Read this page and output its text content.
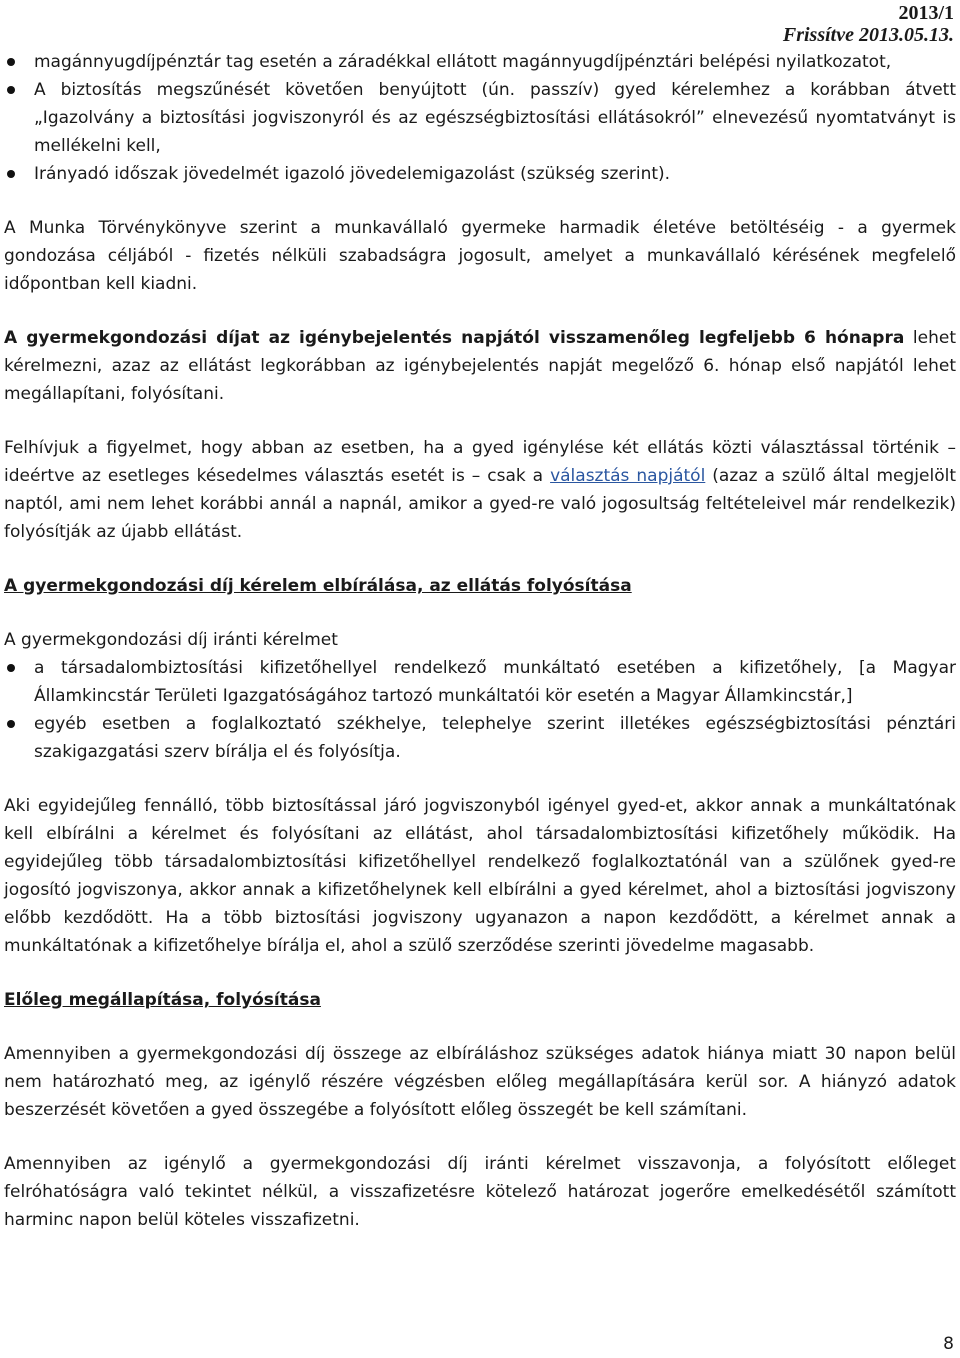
2013/1
Frissítve 2013.05.13.
magánnyugdíjpénztár tag esetén a záradékkal ellátott magánnyugdíjpénztári belépési nyilatkozatot,
A biztosítás megszűnését követően benyújtott (ún. passzív) gyed kérelemhez a korábban átvett „Igazolvány a biztosítási jogviszonyról és az egészségbiztosítási ellátásokról” elnevezésű nyomtatványt is mellékelni kell,
Irányadó időszak jövedelmét igazoló jövedelemigazolást (szükség szerint).

A Munka Törvénykönyve szerint a munkavállaló gyermeke harmadik életéve betöltéséig - a gyermek gondozása céljából - fizetés nélküli szabadságra jogosult, amelyet a munkavállaló kérésének megfelelő időpontban kell kiadni.

A gyermekgondozási díjat az igénybejelentés napjától visszamenőleg legfeljebb 6 hónapra lehet kérelmezni, azaz az ellátást legkorábban az igénybejelentés napját megelőző 6. hónap első napjától lehet megállapítani, folyósítani.

Felhívjuk a figyelmet, hogy abban az esetben, ha a gyed igénylése két ellátás közti választással történik – ideértve az esetleges késedelmes választás esetét is – csak a választás napjától (azaz a szülő által megjelölt naptól, ami nem lehet korábbi annál a napnál, amikor a gyed-re való jogosultság feltételeivel már rendelkezik) folyósítják az újabb ellátást.

A gyermekgondozási díj kérelem elbírálása, az ellátás folyósítása

A gyermekgondozási díj iránti kérelmet

a társadalombiztosítási kifizetőhellyel rendelkező munkáltató esetében a kifizetőhely, [a Magyar Államkincstár Területi Igazgatóságához tartozó munkáltatói kör esetén a Magyar Államkincstár,]
egyéb esetben a foglalkoztató székhelye, telephelye szerint illetékes egészségbiztosítási pénztári szakigazgatási szerv bírálja el és folyósítja.

Aki egyidejűleg fennálló, több biztosítással járó jogviszonyból igényel gyed-et, akkor annak a munkáltatónak kell elbírálni a kérelmet és folyósítani az ellátást, ahol társadalombiztosítási kifizetőhely működik. Ha egyidejűleg több társadalombiztosítási kifizetőhellyel rendelkező foglalkoztatónál van a szülőnek gyed-re jogosító jogviszonya, akkor annak a kifizetőhelynek kell elbírálni a gyed kérelmet, ahol a biztosítási jogviszony előbb kezdődött. Ha a több biztosítási jogviszony ugyanazon a napon kezdődött, a kérelmet annak a munkáltatónak a kifizetőhelye bírálja el, ahol a szülő szerződése szerinti jövedelme magasabb.

Előleg megállapítása, folyósítása

Amennyiben a gyermekgondozási díj összege az elbíráláshoz szükséges adatok hiánya miatt 30 napon belül nem határozható meg, az igénylő részére végzésben előleg megállapítására kerül sor. A hiányzó adatok beszerzését követően a gyed összegébe a folyósított előleg összegét be kell számítani.

Amennyiben az igénylő a gyermekgondozási díj iránti kérelmet visszavonja, a folyósított előleget felróhatóságra való tekintet nélkül, a visszafizetésre kötelező határozat jogerőre emelkedésétől számított harminc napon belül köteles visszafizetni.

8
